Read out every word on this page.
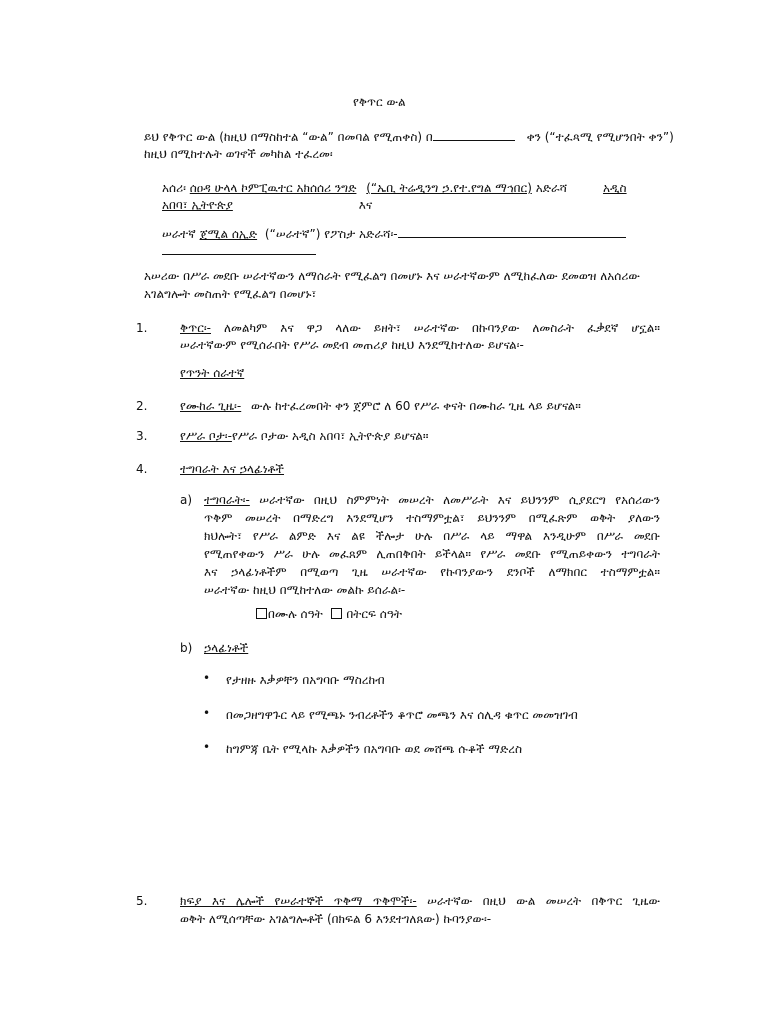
የቅጥር ውል
ይህ የቅጥር ውል (ከዚህ በማስከተል “ውል” በመባል የሚጠቀስ) በ	ቀን (“ተፈጻሚ የሚሆንበት ቀን”)
ከዚህ በሚከተሉት ወገኖች መካከል ተፈረመ፡
አሰሪ፡ ሰዐዳ ሁላላ ኮምፒዉተር አክሰሰሪ ንግድ (“ኤቢ ትሬዲንግ ኃ.የተ.የግል ማኅበር) አድራሻ	አዲስ
አበባ፣ ኢትዮጵያ	እና
ሠራተኛ ጀሚል ሰኢድ (“ሠራተኛ”) የፖስታ አድራሻ፡-
አሠሪው በሥራ መደቡ ሠራተኛውን ለማሰራት የሚፈልግ በመሆኑ እና ሠራተኛውም ለሚከፈለው ደመወዝ ለአሰሪው
አገልግሎት መስጠት የሚፈልግ በመሆኑ፣
1.	ቅጥር፡- ለመልካም እና ዋጋ ላለው ይዘት፣ ሠራተኛው በኩባንያው ለመስራት ፈቃደኛ ሆኗል።
ሠራተኛውም የሚሰራበት የሥራ መደብ መጠሪያ ከዚህ እንደሚከተለው ይሆናል፡-
የጥንት ሰራተኛ
2.	የሙከራ ጊዜ፡- ውሉ ከተፈረመበት ቀን ጀምሮ ለ 60 የሥራ ቀናት በሙከራ ጊዜ ላይ ይሆናል።
3.	የሥራ ቦታ፡-የሥራ ቦታው አዲስ አበባ፣ ኢትዮጵያ ይሆናል።
4.	ተግባራት እና ኃላፊነቶች
a) ተግባራት፡- ሠራተኛው በዚህ ስምምነት መሠረት ለመሥራት እና ይህንንም ሲያደርግ የአሰሪውን
ጥቅም መሠረት በማድረግ እንደሚሆን ተስማምቷል፣ ይህንንም በሚፈጽም ወቅት ያለውን
ክህሎት፣ የሥራ ልምድ እና ልዩ ችሎታ ሁሉ በሥራ ላይ ማዋል እንዲሁም በሥራ መደቡ
የሚጠየቀውን ሥራ ሁሉ መፈጸም ሊጠበቅበት ይችላል። የሥራ መደቡ የሚጠይቀውን ተግባራት
እና ኃላፊነቶችም በሚወጣ ጊዜ ሠራተኛው የኩባንያውን ደንቦች ለማክበር ተስማምቷል።
ሠራተኛው ከዚህ በሚከተለው መልኩ ይሰራል፡-
በሙሉ ሰዓት በትርፍ ሰዓት
b) ኃላፊነቶች
• የታዘዙ እቃዎቸን በአግባቡ ማስረከብ
• በመጋዘግዋጉር ላይ የሚጫኑ ንብረቶችን ቆጥሮ መጫን እና ሰሊዳ ቁጥር መመዝገብ
• ከግምጃ ቤት የሚላኩ እቃዎችን በአግባቡ ወደ መሸጫ ሱቆች ማድረስ
5.	ክፍያ እና ሌሎች የሠራተኞች ጥቅማ ጥቅሞች፡- ሠራተኛው በዚህ ውል መሠረት በቅጥር ጊዜው
ወቅት ለሚሰጣቸው አገልግሎቶች (በክፍል 6 እንደተገለጸው) ኩባንያው፡-
